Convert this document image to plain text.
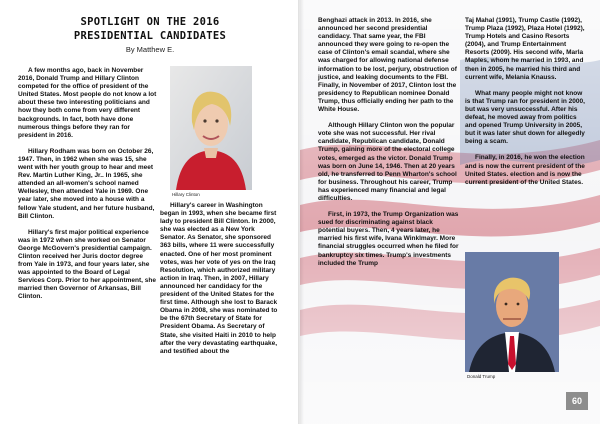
SPOTLIGHT ON THE 2016
PRESIDENTIAL CANDIDATES
By Matthew E.

A few months ago, back in November 2016, Donald Trump and Hillary Clinton competed for the office of president of the United States. Most people do not know a lot about these two interesting politicians and how they both come from very different backgrounds. In fact, both have done numerous things before they ran for president in 2016.

Hillary Rodham was born on October 26, 1947. Then, in 1962 when she was 15, she went with her youth group to hear and meet Rev. Martin Luther King, Jr.. In 1965, she attended an all-women's school named Wellesley, then attended Yale in 1969. One year later, she moved into a house with a fellow Yale student, and her future husband, Bill Clinton.

Hillary's first major political experience was in 1972 when she worked on Senator George McGovern's presidential campaign. Clinton received her Juris doctor degree from Yale in 1973, and four years later, she was appointed to the Board of Legal Services Corp. Prior to her appointment, she married then Governor of Arkansas, Bill Clinton.

Hillary Clinton

Hillary's career in Washington began in 1993, when she became first lady to president Bill Clinton. In 2000, she was elected as a New York Senator. As Senator, she sponsored 363 bills, where 11 were successfully enacted. One of her most prominent votes, was her vote of yes on the Iraq Resolution, which authorized military action in Iraq. Then, in 2007, Hillary announced her candidacy for the president of the United States for the first time. Although she lost to Barack Obama in 2008, she was nominated to be the 67th Secretary of State for President Obama. As Secretary of State, she visited Haiti in 2010 to help after the very devastating earthquake, and testified about the

Benghazi attack in 2013. In 2016, she announced her second presidential candidacy. That same year, the FBI announced they were going to re-open the case of Clinton's email scandal, where she was charged for allowing national defense information to be lost, perjury, obstruction of justice, and leaking documents to the FBI. Finally, in November of 2017, Clinton lost the presidency to Republican nominee Donald Trump, thus officially ending her path to the White House.

Although Hillary Clinton won the popular vote she was not successful. Her rival candidate, Republican candidate, Donald Trump, gaining more of the electoral college votes, emerged as the victor. Donald Trump was born on June 14, 1946. Then at 20 years old, he transferred to Penn Wharton's school for business. Throughout his career, Trump has experienced many financial and legal difficulties.

First, in 1973, the Trump Organization was sued for discriminating against black potential buyers. Then, 4 years later, he married his first wife, Ivana Winklmayr. More financial struggles occurred when he filed for bankruptcy six times. Trump's investments included the Trump

Taj Mahal (1991), Trump Castle (1992), Trump Plaza (1992), Plaza Hotel (1992), Trump Hotels and Casino Resorts (2004), and Trump Entertainment Resorts (2009). His second wife, Marla Maples, whom he married in 1993, and then in 2005, he married his third and current wife, Melania Knauss.

What many people might not know is that Trump ran for president in 2000, but was very unsuccessful. After his defeat, he moved away from politics and opened Trump University in 2005, but it was later shut down for allegedly being a scam.

Finally, in 2016, he won the election and is now the current president of the United States. election and is now the current president of the United States.

Donald Trump
60
